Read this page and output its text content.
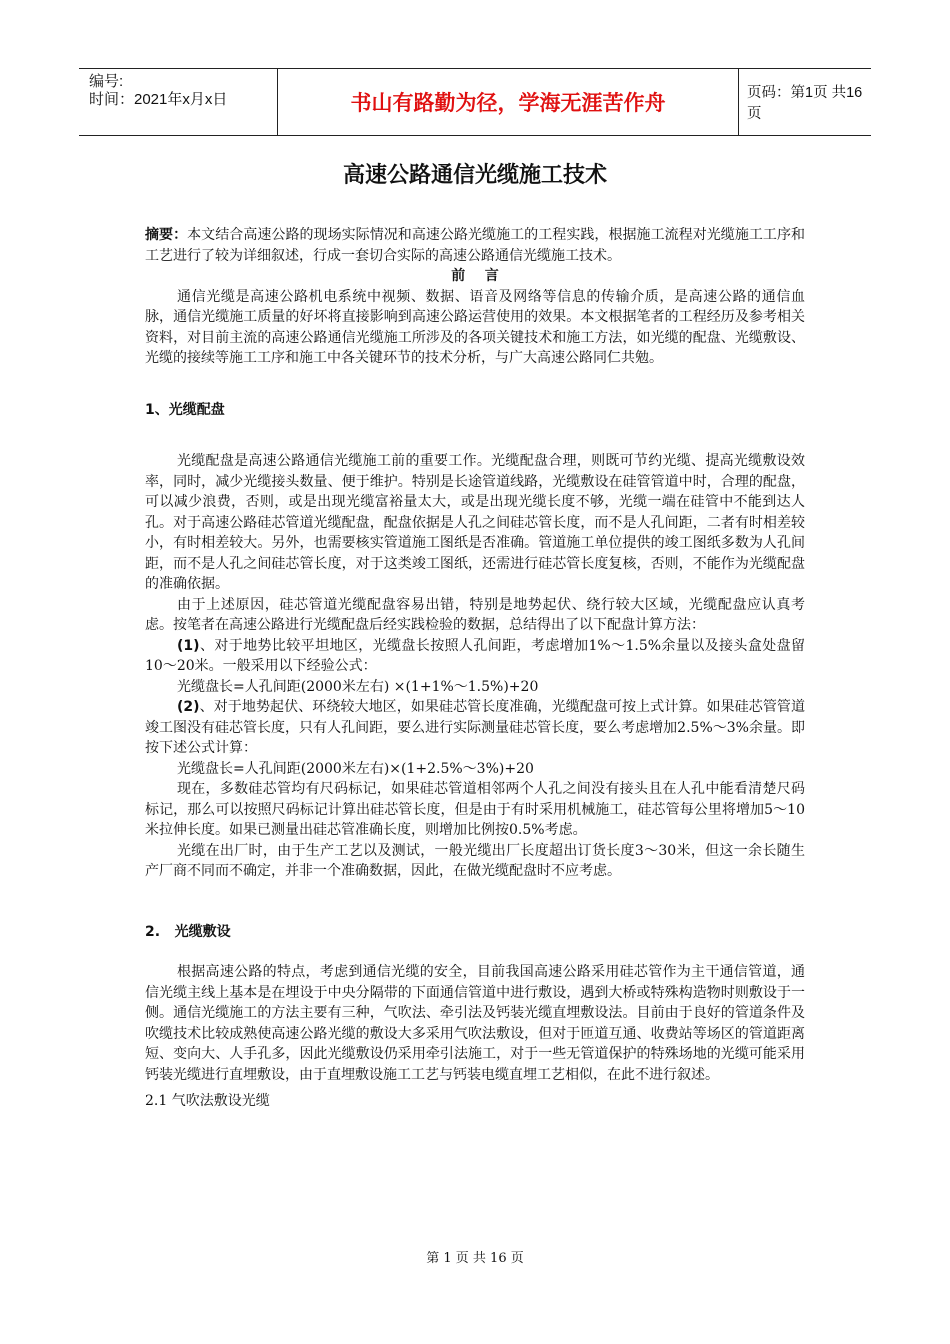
编号:
时间：2021年x月x日	书山有路勤为径，学海无涯苦作舟	页码：第1页 共16页
高速公路通信光缆施工技术

摘要：本文结合高速公路的现场实际情况和高速公路光缆施工的工程实践，根据施工流程对光缆施工工序和工艺进行了较为详细叙述，行成一套切合实际的高速公路通信光缆施工技术。

前    言

通信光缆是高速公路机电系统中视频、数据、语音及网络等信息的传输介质，是高速公路的通信血脉，通信光缆施工质量的好坏将直接影响到高速公路运营使用的效果。本文根据笔者的工程经历及参考相关资料，对目前主流的高速公路通信光缆施工所涉及的各项关键技术和施工方法，如光缆的配盘、光缆敷设、光缆的接续等施工工序和施工中各关键环节的技术分析，与广大高速公路同仁共勉。

1、光缆配盘

光缆配盘是高速公路通信光缆施工前的重要工作。光缆配盘合理，则既可节约光缆、提高光缆敷设效率，同时，减少光缆接头数量、便于维护。特别是长途管道线路，光缆敷设在硅管管道中时，合理的配盘，可以减少浪费，否则，或是出现光缆富裕量太大，或是出现光缆长度不够，光缆一端在硅管中不能到达人孔。对于高速公路硅芯管道光缆配盘，配盘依据是人孔之间硅芯管长度，而不是人孔间距，二者有时相差较小，有时相差较大。另外，也需要核实管道施工图纸是否准确。管道施工单位提供的竣工图纸多数为人孔间距，而不是人孔之间硅芯管长度，对于这类竣工图纸，还需进行硅芯管长度复核，否则，不能作为光缆配盘的准确依据。

由于上述原因，硅芯管道光缆配盘容易出错，特别是地势起伏、绕行较大区域，光缆配盘应认真考虑。按笔者在高速公路进行光缆配盘后经实践检验的数据，总结得出了以下配盘计算方法：

(1)、对于地势比较平坦地区，光缆盘长按照人孔间距，考虑增加1%～1.5%余量以及接头盒处盘留10～20米。一般采用以下经验公式：

光缆盘长=人孔间距(2000米左右) ×(1+1%～1.5%)+20

(2)、对于地势起伏、环绕较大地区，如果硅芯管长度准确，光缆配盘可按上式计算。如果硅芯管管道竣工图没有硅芯管长度，只有人孔间距，要么进行实际测量硅芯管长度，要么考虑增加2.5%～3%余量。即按下述公式计算：

光缆盘长=人孔间距(2000米左右)×(1+2.5%～3%)+20

现在，多数硅芯管均有尺码标记，如果硅芯管道相邻两个人孔之间没有接头且在人孔中能看清楚尺码标记，那么可以按照尺码标记计算出硅芯管长度，但是由于有时采用机械施工，硅芯管每公里将增加5～10米拉伸长度。如果已测量出硅芯管准确长度，则增加比例按0.5%考虑。

光缆在出厂时，由于生产工艺以及测试，一般光缆出厂长度超出订货长度3～30米，但这一余长随生产厂商不同而不确定，并非一个准确数据，因此，在做光缆配盘时不应考虑。

2.   光缆敷设

根据高速公路的特点，考虑到通信光缆的安全，目前我国高速公路采用硅芯管作为主干通信管道，通信光缆主线上基本是在埋设于中央分隔带的下面通信管道中进行敷设，遇到大桥或特殊构造物时则敷设于一侧。通信光缆施工的方法主要有三种，气吹法、牵引法及钙装光缆直埋敷设法。目前由于良好的管道条件及吹缆技术比较成熟使高速公路光缆的敷设大多采用气吹法敷设，但对于匝道互通、收费站等场区的管道距离短、变向大、人手孔多，因此光缆敷设仍采用牵引法施工，对于一些无管道保护的特殊场地的光缆可能采用钙装光缆进行直埋敷设，由于直埋敷设施工工艺与钙装电缆直埋工艺相似，在此不进行叙述。

2.1 气吹法敷设光缆

第 1 页 共 16 页
